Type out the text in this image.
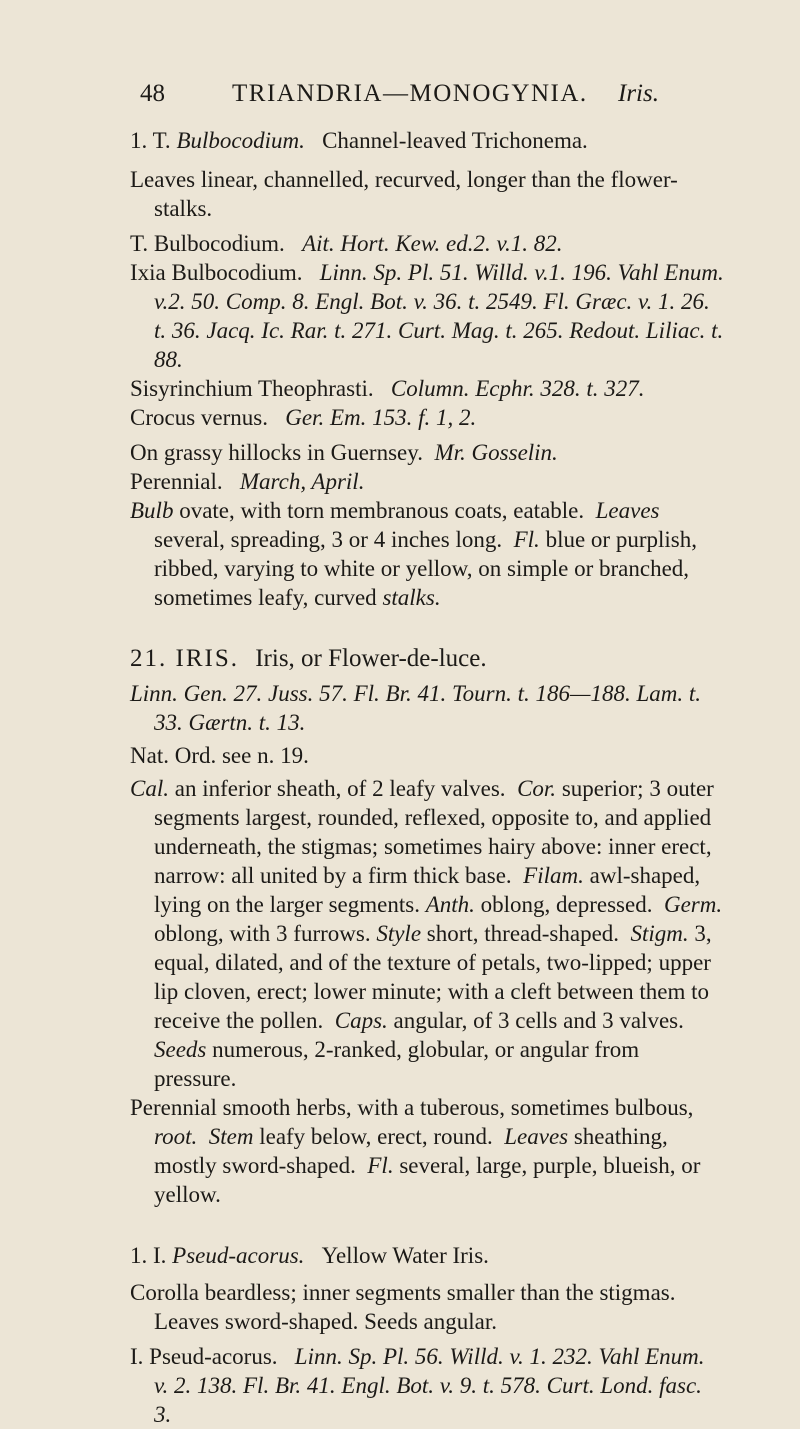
48	TRIANDRIA—MONOGYNIA. Iris.

1. T. Bulbocodium. Channel-leaved Trichonema.

Leaves linear, channelled, recurved, longer than the flower-stalks.

T. Bulbocodium. Ait. Hort. Kew. ed.2. v.1. 82.

Ixia Bulbocodium. Linn. Sp. Pl. 51. Willd. v.1. 196. Vahl Enum. v.2. 50. Comp. 8. Engl. Bot. v. 36. t. 2549. Fl. Græc. v. 1. 26. t. 36. Jacq. Ic. Rar. t. 271. Curt. Mag. t. 265. Redout. Liliac. t. 88.

Sisyrinchium Theophrasti. Column. Ecphr. 328. t. 327.

Crocus vernus. Ger. Em. 153. f. 1, 2.

On grassy hillocks in Guernsey. Mr. Gosselin.

Perennial. March, April.

Bulb ovate, with torn membranous coats, eatable. Leaves several, spreading, 3 or 4 inches long. Fl. blue or purplish, ribbed, varying to white or yellow, on simple or branched, sometimes leafy, curved stalks.

21. IRIS. Iris, or Flower-de-luce.

Linn. Gen. 27. Juss. 57. Fl. Br. 41. Tourn. t. 186—188. Lam. t. 33. Gærtn. t. 13.

Nat. Ord. see n. 19.

Cal. an inferior sheath, of 2 leafy valves. Cor. superior; 3 outer segments largest, rounded, reflexed, opposite to, and applied underneath, the stigmas; sometimes hairy above: inner erect, narrow: all united by a firm thick base. Filam. awl-shaped, lying on the larger segments. Anth. oblong, depressed. Germ. oblong, with 3 furrows. Style short, thread-shaped. Stigm. 3, equal, dilated, and of the texture of petals, two-lipped; upper lip cloven, erect; lower minute; with a cleft between them to receive the pollen. Caps. angular, of 3 cells and 3 valves. Seeds numerous, 2-ranked, globular, or angular from pressure.

Perennial smooth herbs, with a tuberous, sometimes bulbous, root. Stem leafy below, erect, round. Leaves sheathing, mostly sword-shaped. Fl. several, large, purple, blueish, or yellow.

1. I. Pseud-acorus. Yellow Water Iris.

Corolla beardless; inner segments smaller than the stigmas. Leaves sword-shaped. Seeds angular.

I. Pseud-acorus. Linn. Sp. Pl. 56. Willd. v. 1. 232. Vahl Enum. v. 2. 138. Fl. Br. 41. Engl. Bot. v. 9. t. 578. Curt. Lond. fasc. 3.
